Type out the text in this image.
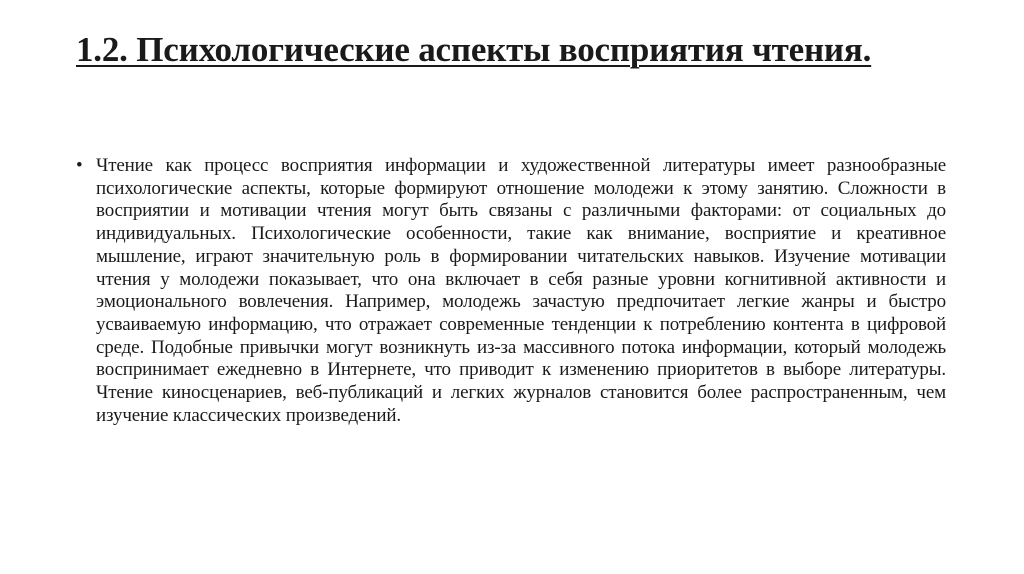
1.2. Психологические аспекты восприятия чтения.
• Чтение как процесс восприятия информации и художественной литературы имеет разнообразные психологические аспекты, которые формируют отношение молодежи к этому занятию. Сложности в восприятии и мотивации чтения могут быть связаны с различными факторами: от социальных до индивидуальных. Психологические особенности, такие как внимание, восприятие и креативное мышление, играют значительную роль в формировании читательских навыков. Изучение мотивации чтения у молодежи показывает, что она включает в себя разные уровни когнитивной активности и эмоционального вовлечения. Например, молодежь зачастую предпочитает легкие жанры и быстро усваиваемую информацию, что отражает современные тенденции к потреблению контента в цифровой среде. Подобные привычки могут возникнуть из-за массивного потока информации, который молодежь воспринимает ежедневно в Интернете, что приводит к изменению приоритетов в выборе литературы. Чтение киносценариев, веб-публикаций и легких журналов становится более распространенным, чем изучение классических произведений.
